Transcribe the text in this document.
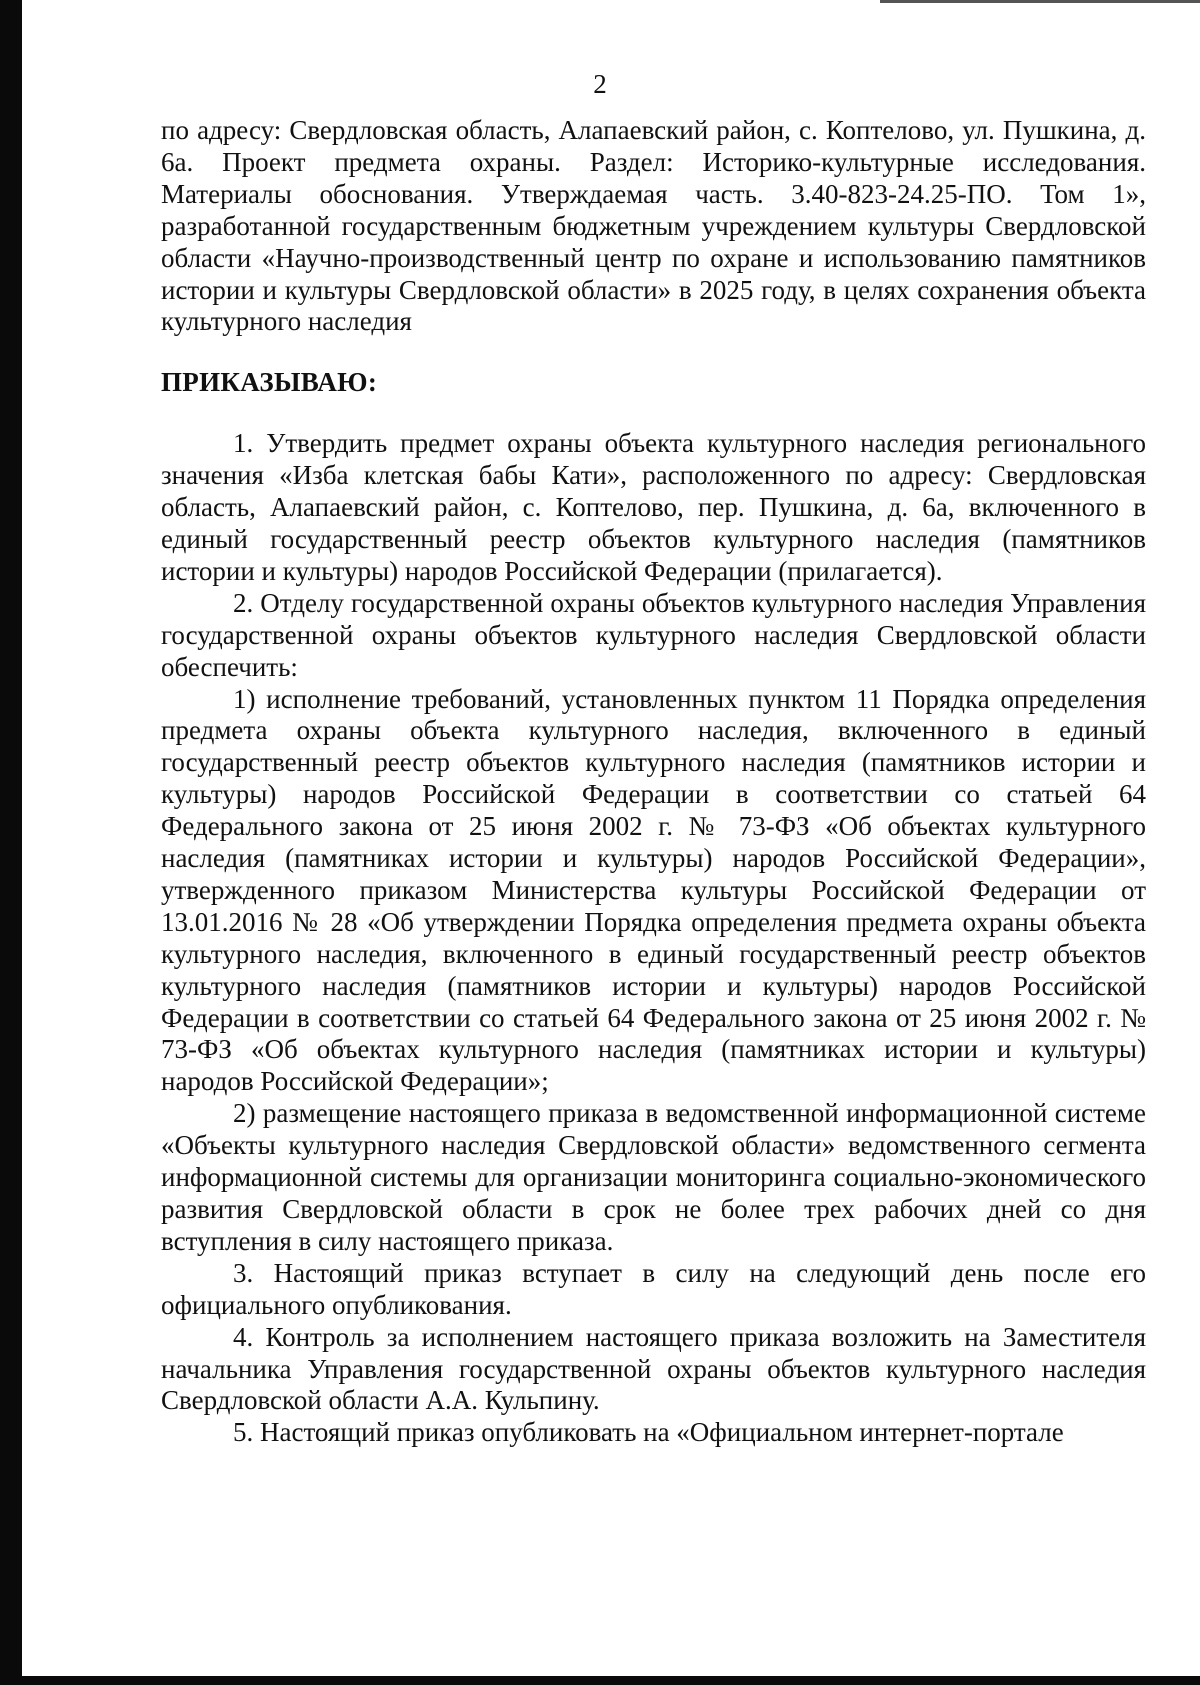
2

по адресу: Свердловская область, Алапаевский район, с. Коптелово, ул. Пушкина, д. 6а. Проект предмета охраны. Раздел: Историко-культурные исследования. Материалы обоснования. Утверждаемая часть. 3.40-823-24.25-ПО. Том 1», разработанной государственным бюджетным учреждением культуры Свердловской области «Научно-производственный центр по охране и использованию памятников истории и культуры Свердловской области» в 2025 году, в целях сохранения объекта культурного наследия

ПРИКАЗЫВАЮ:

1. Утвердить предмет охраны объекта культурного наследия регионального значения «Изба клетская бабы Кати», расположенного по адресу: Свердловская область, Алапаевский район, с. Коптелово, пер. Пушкина, д. 6а, включенного в единый государственный реестр объектов культурного наследия (памятников истории и культуры) народов Российской Федерации (прилагается).

2. Отделу государственной охраны объектов культурного наследия Управления государственной охраны объектов культурного наследия Свердловской области обеспечить:

1) исполнение требований, установленных пунктом 11 Порядка определения предмета охраны объекта культурного наследия, включенного в единый государственный реестр объектов культурного наследия (памятников истории и культуры) народов Российской Федерации в соответствии со статьей 64 Федерального закона от 25 июня 2002 г. № 73-ФЗ «Об объектах культурного наследия (памятниках истории и культуры) народов Российской Федерации», утвержденного приказом Министерства культуры Российской Федерации от 13.01.2016 № 28 «Об утверждении Порядка определения предмета охраны объекта культурного наследия, включенного в единый государственный реестр объектов культурного наследия (памятников истории и культуры) народов Российской Федерации в соответствии со статьей 64 Федерального закона от 25 июня 2002 г. № 73-ФЗ «Об объектах культурного наследия (памятниках истории и культуры) народов Российской Федерации»;

2) размещение настоящего приказа в ведомственной информационной системе «Объекты культурного наследия Свердловской области» ведомственного сегмента информационной системы для организации мониторинга социально-экономического развития Свердловской области в срок не более трех рабочих дней со дня вступления в силу настоящего приказа.

3. Настоящий приказ вступает в силу на следующий день после его официального опубликования.

4. Контроль за исполнением настоящего приказа возложить на Заместителя начальника Управления государственной охраны объектов культурного наследия Свердловской области А.А. Кульпину.

5. Настоящий приказ опубликовать на «Официальном интернет-портале
